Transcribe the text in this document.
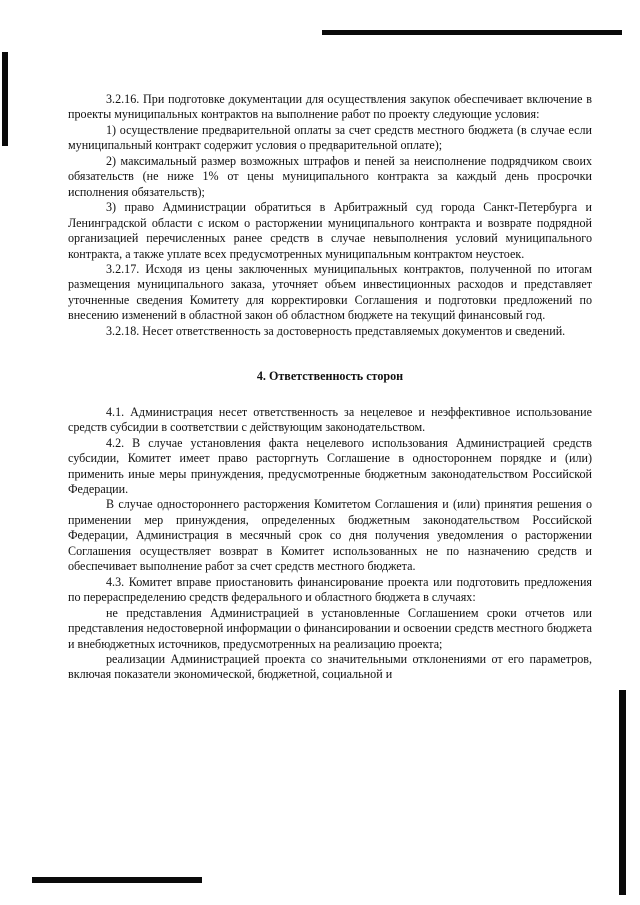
3.2.16. При подготовке документации для осуществления закупок обеспечивает включение в проекты муниципальных контрактов на выполнение работ по проекту следующие условия:

1) осуществление предварительной оплаты за счет средств местного бюджета (в случае если муниципальный контракт содержит условия о предварительной оплате);

2) максимальный размер возможных штрафов и пеней за неисполнение подрядчиком своих обязательств (не ниже 1% от цены муниципального контракта за каждый день просрочки исполнения обязательств);

3) право Администрации обратиться в Арбитражный суд города Санкт-Петербурга и Ленинградской области с иском о расторжении муниципального контракта и возврате подрядной организацией перечисленных ранее средств в случае невыполнения условий муниципального контракта, а также уплате всех предусмотренных муниципальным контрактом неустоек.

3.2.17. Исходя из цены заключенных муниципальных контрактов, полученной по итогам размещения муниципального заказа, уточняет объем инвестиционных расходов и представляет уточненные сведения Комитету для корректировки Соглашения и подготовки предложений по внесению изменений в областной закон об областном бюджете на текущий финансовый год.

3.2.18. Несет ответственность за достоверность представляемых документов и сведений.

4. Ответственность сторон

4.1. Администрация несет ответственность за нецелевое и неэффективное использование средств субсидии в соответствии с действующим законодательством.

4.2. В случае установления факта нецелевого использования Администрацией средств субсидии, Комитет имеет право расторгнуть Соглашение в одностороннем порядке и (или) применить иные меры принуждения, предусмотренные бюджетным законодательством Российской Федерации.

В случае одностороннего расторжения Комитетом Соглашения и (или) принятия решения о применении мер принуждения, определенных бюджетным законодательством Российской Федерации, Администрация в месячный срок со дня получения уведомления о расторжении Соглашения осуществляет возврат в Комитет использованных не по назначению средств и обеспечивает выполнение работ за счет средств местного бюджета.

4.3. Комитет вправе приостановить финансирование проекта или подготовить предложения по перераспределению средств федерального и областного бюджета в случаях:

не представления Администрацией в установленные Соглашением сроки отчетов или представления недостоверной информации о финансировании и освоении средств местного бюджета и внебюджетных источников, предусмотренных на реализацию проекта;

реализации Администрацией проекта со значительными отклонениями от его параметров, включая показатели экономической, бюджетной, социальной и
